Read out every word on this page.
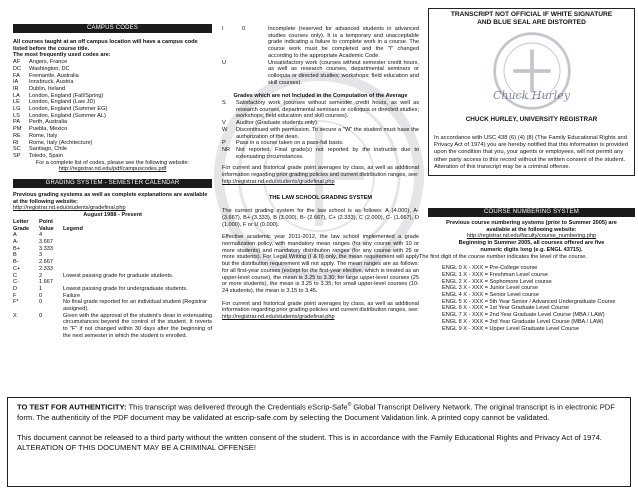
CAMPUS CODES
All courses taught at an off campus location will have a campus code listed before the course title.
The most frequently used codes are:
AF	Angers, France
DC	Washington, DC
FA	Fremantle, Australia
IA	Innsbruck, Austria
IR	Dublin, Ireland
LA	London, England (Fall/Spring)
LE	London, England (Law JD)
LG	London, England (Summer EG)
LS	London, England (Summer AL)
PA	Perth, Australia
PM	Puebla, Mexico
RE	Rome, Italy
RI	Rome, Italy (Architecture)
SC	Santiago, Chile
SP	Toledo, Spain
For a complete list of codes, please see the following website:
http://registrar.nd.edu/pdf/campuscodes.pdf
GRADING SYSTEM - SEMESTER CALENDAR
Previous grading systems as well as complete explanations are available at the following website:
http://registrar.nd.edu/students/gradefinal.php
August 1988 - Present
Letter	Point
Grade	Value	Legend
A	4
A-	3.667
B+	3.333
B	3
B-	2.667
C+	2.333
C	2	Lowest passing grade for graduate students.
C-	1.667
D	1	Lowest passing grade for undergraduate students.
F	0	Failure
F*	0	No final grade reported for an individual student (Registrar assigned).
X	0	Given with the approval of the student's dean in extenuating circumstances beyond the control of the student. It reverts to "F" if not changed within 30 days after the beginning of the next semester in which the student is enrolled.
I	0	Incomplete (reserved for advanced students in advanced studies courses only). It is a temporary and unacceptable grade indicating a failure to complete work in a course. The course work must be completed and the "I" changed according to the appropriate Academic Code.
U	Unsatisfactory work (courses without semester credit hours, as well as research courses, departmental seminars or colloquia or directed studies; workshops; field education and skill courses).
Grades which are not Included in the Computation of the Average
S	Satisfactory work (courses without semester credit hours, as well as research courses, departmental seminars or colloquia or directed studies; workshops; field education and skill courses).
V	Auditor (Graduate students only).
W	Discontinued with permission. To secure a "W" the student must have the authorization of the dean.
P	Pass in a course taken on a pass-fail basis.
NR	Not reported. Final grade(s) not reported by the instructor due to extenuating circumstances.
For current and historical grade point averages by class, as well as additional information regarding prior grading policies and current distribution ranges, see:
http://registrar.nd.edu/students/gradefinal.php
THE LAW SCHOOL GRADING SYSTEM
The current grading system for the law school is as follows: A (4.000), A- (3.667), B+ (3.333), B (3.000), B- (2.667), C+ (2.333), C (2.000), C- (1.667), D (1.000), F or U (0.000).
Effective academic year 2011-2012, the law school implemented a grade normalization policy, with mandatory mean ranges (for any course with 10 or more students) and mandatory distribution ranges (for any course with 25 or more students). For Legal Writing (I & II) only, the mean requirement will apply but the distribution requirement will not apply. The mean ranges are as follows: for all first-year courses (except for the first-year elective, which is treated as an upper-level course), the mean is 3.25 to 3.30; for large upper-level courses (25 or more students), the mean is 3.25 to 3.35; for small upper-level courses (10-24 students), the mean is 3.15 to 3.45.
For current and historical grade point averages by class, as well as additional information regarding prior grading policies and current distribution ranges, see:
http://registrar.nd.edu/students/gradefinal.php
TRANSCRIPT NOT OFFICIAL IF WHITE SIGNATURE
AND BLUE SEAL ARE DISTORTED
Chuck Hurley
CHUCK HURLEY, UNIVERSITY REGISTRAR
In accordance with USC 438 (6) (4) (8) (The Family Educational Rights and Privacy Act of 1974) you are hereby notified that this information is provided upon the condition that you, your agents or employees, will not permit any other party access to this record without the written consent of the student. Alteration of this transcript may be a criminal offense.
COURSE NUMBERING SYSTEM
Previous course numbering systems (prior to Summer 2005) are available at the following website:
http://registrar.nd.edu/faculty/course_numbering.php
Beginning in Summer 2005, all courses offered are five numeric digits long (e.g. ENGL 43715).
The first digit of the course number indicates the level of the course.
ENGL 0 X - XXX = Pre-College course
ENGL 1 X - XXX = Freshman Level course
ENGL 2 X - XXX = Sophomore Level course
ENGL 3 X - XXX = Junior Level course
ENGL 4 X - XXX = Senior Level course
ENGL 5 X - XXX = 5th Year Senior / Advanced Undergraduate Course
ENGL 6 X - XXX = 1st Year Graduate Level Course
ENGL 7 X - XXX = 2nd Year Graduate Level Course (MBA / LAW)
ENGL 8 X - XXX = 3rd Year Graduate Level Course (MBA / LAW)
ENGL 9 X - XXX = Upper Level Graduate Level Course
TO TEST FOR AUTHENTICITY: This transcript was delivered through the Credentials eScrip-Safe® Global Transcript Delivery Network. The original transcript is in electronic PDF form. The authenticity of the PDF document may be validated at escrip-safe.com by selecting the Document Validation link. A printed copy cannot be validated.
This document cannot be released to a third party without the written consent of the student. This is in accordance with the Family Educational Rights and Privacy Act of 1974. ALTERATION OF THIS DOCUMENT MAY BE A CRIMINAL OFFENSE!
